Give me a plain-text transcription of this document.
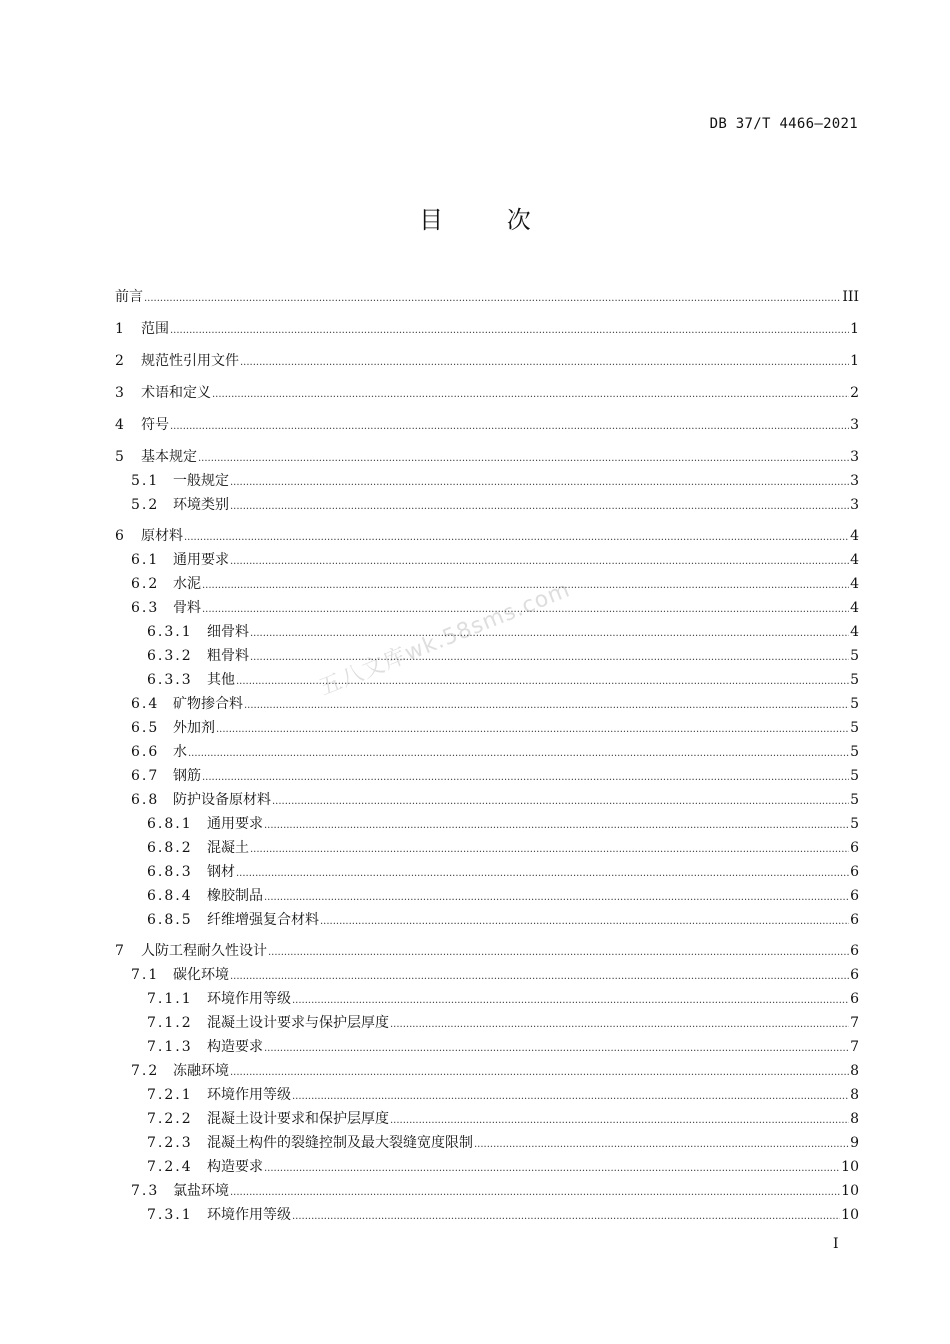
DB 37/T 4466—2021
目 次
五八文库wk.58sms.com
前言 .....	III
1	范围 .....	1
2	规范性引用文件 .....	1
3	术语和定义 .....	2
4	符号 .....	3
5	基本规定 .....	3
5.1 一般规定 .....	3
5.2 环境类别 .....	3
6	原材料 .....	4
6.1 通用要求 .....	4
6.2 水泥 .....	4
6.3 骨料 .....	4
6.3.1	细骨料 .....	4
6.3.2	粗骨料 .....	5
6.3.3	其他 .....	5
6.4 矿物掺合料 .....	5
6.5 外加剂 .....	5
6.6 水 .....	5
6.7 钢筋 .....	5
6.8 防护设备原材料 .....	5
6.8.1	通用要求 .....	5
6.8.2	混凝土 .....	6
6.8.3	钢材 .....	6
6.8.4	橡胶制品 .....	6
6.8.5	纤维增强复合材料 .....	6
7	人防工程耐久性设计 .....	6
7.1 碳化环境 .....	6
7.1.1	环境作用等级 .....	6
7.1.2	混凝土设计要求与保护层厚度 .....	7
7.1.3	构造要求 .....	7
7.2 冻融环境 .....	8
7.2.1	环境作用等级 .....	8
7.2.2	混凝土设计要求和保护层厚度 .....	8
7.2.3	混凝土构件的裂缝控制及最大裂缝宽度限制 .....	9
7.2.4	构造要求 .....	10
7.3 氯盐环境 .....	10
7.3.1	环境作用等级 .....	10
I
